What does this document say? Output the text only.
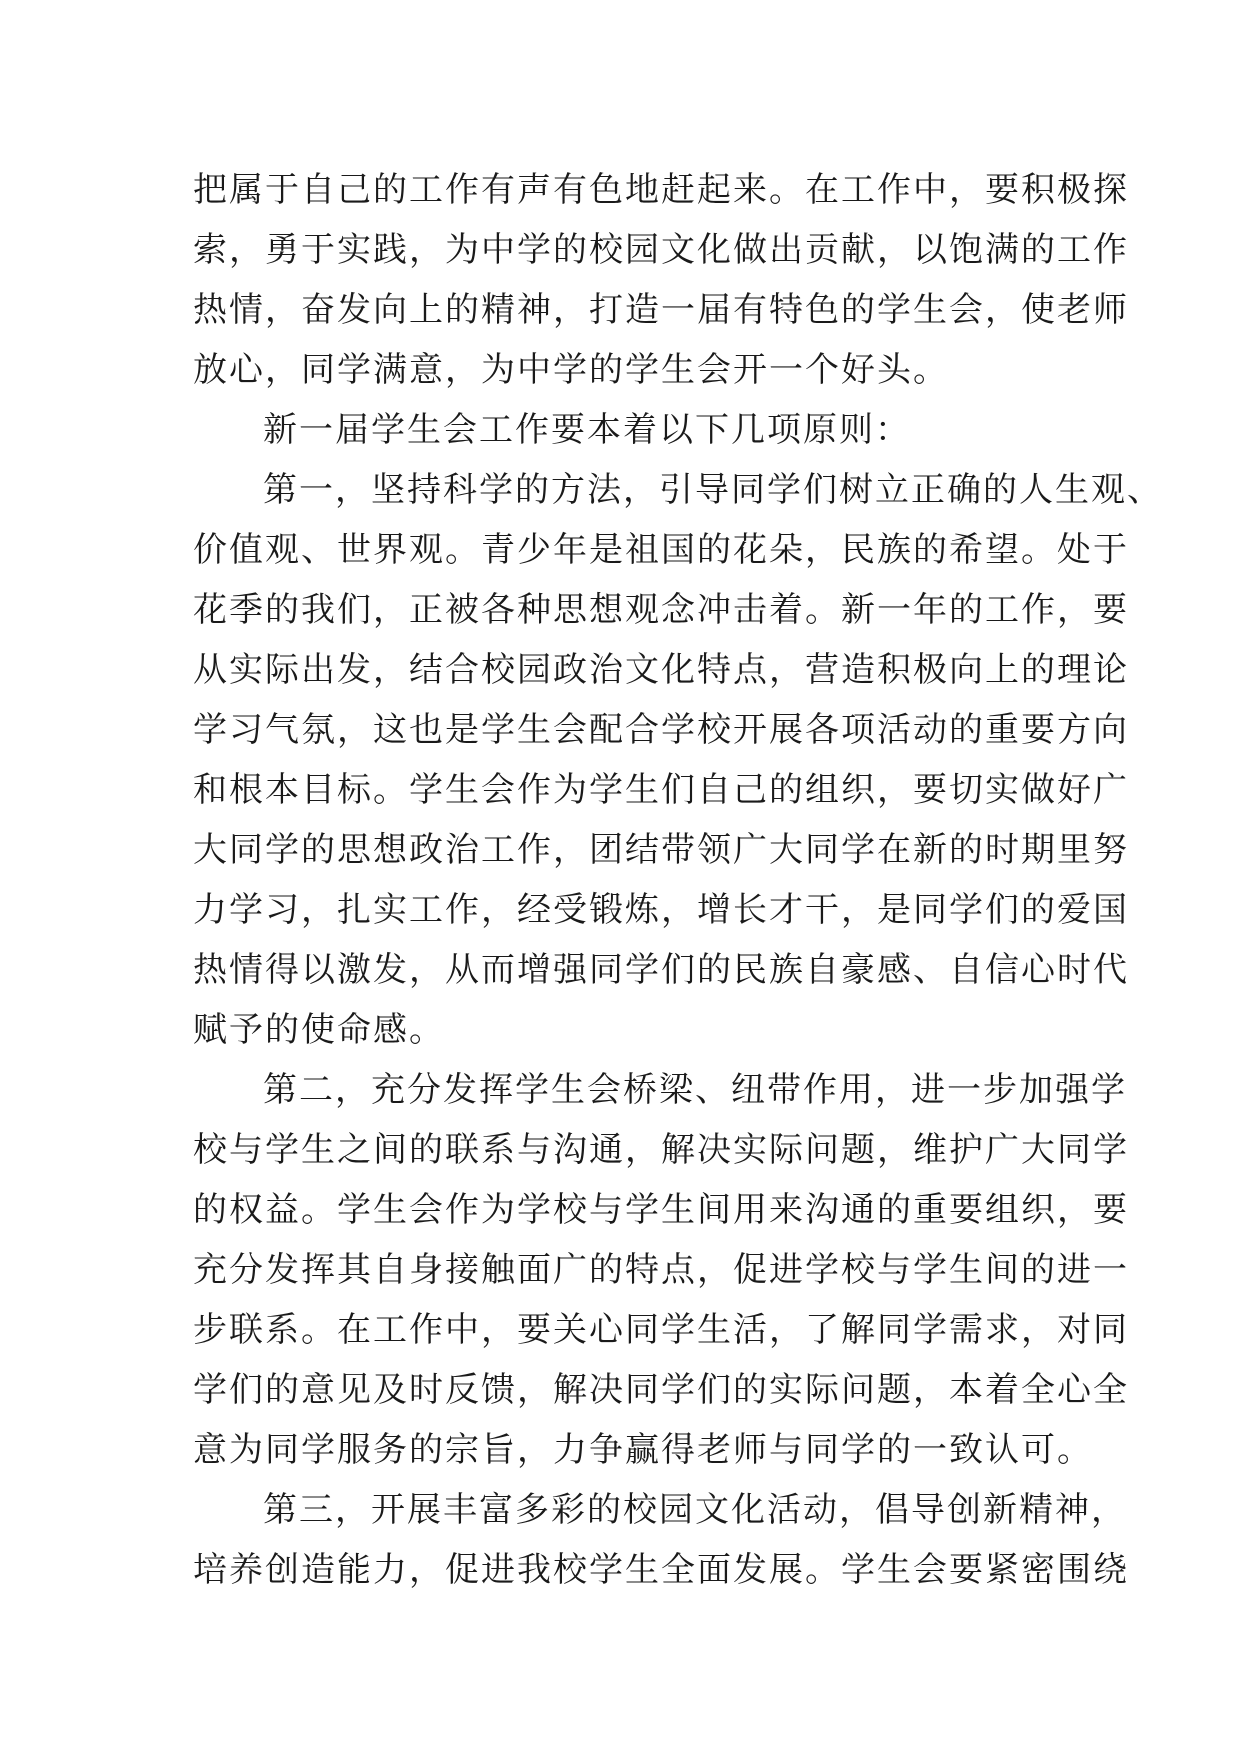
把属于自己的工作有声有色地赶起来。在工作中，要积极探
索，勇于实践，为中学的校园文化做出贡献，以饱满的工作
热情，奋发向上的精神，打造一届有特色的学生会，使老师
放心，同学满意，为中学的学生会开一个好头。
新一届学生会工作要本着以下几项原则：
第一，坚持科学的方法，引导同学们树立正确的人生观、
价值观、世界观。青少年是祖国的花朵，民族的希望。处于
花季的我们，正被各种思想观念冲击着。新一年的工作，要
从实际出发，结合校园政治文化特点，营造积极向上的理论
学习气氛，这也是学生会配合学校开展各项活动的重要方向
和根本目标。学生会作为学生们自己的组织，要切实做好广
大同学的思想政治工作，团结带领广大同学在新的时期里努
力学习，扎实工作，经受锻炼，增长才干，是同学们的爱国
热情得以激发，从而增强同学们的民族自豪感、自信心时代
赋予的使命感。
第二，充分发挥学生会桥梁、纽带作用，进一步加强学
校与学生之间的联系与沟通，解决实际问题，维护广大同学
的权益。学生会作为学校与学生间用来沟通的重要组织，要
充分发挥其自身接触面广的特点，促进学校与学生间的进一
步联系。在工作中，要关心同学生活，了解同学需求，对同
学们的意见及时反馈，解决同学们的实际问题，本着全心全
意为同学服务的宗旨，力争赢得老师与同学的一致认可。
第三，开展丰富多彩的校园文化活动，倡导创新精神，
培养创造能力，促进我校学生全面发展。学生会要紧密围绕
